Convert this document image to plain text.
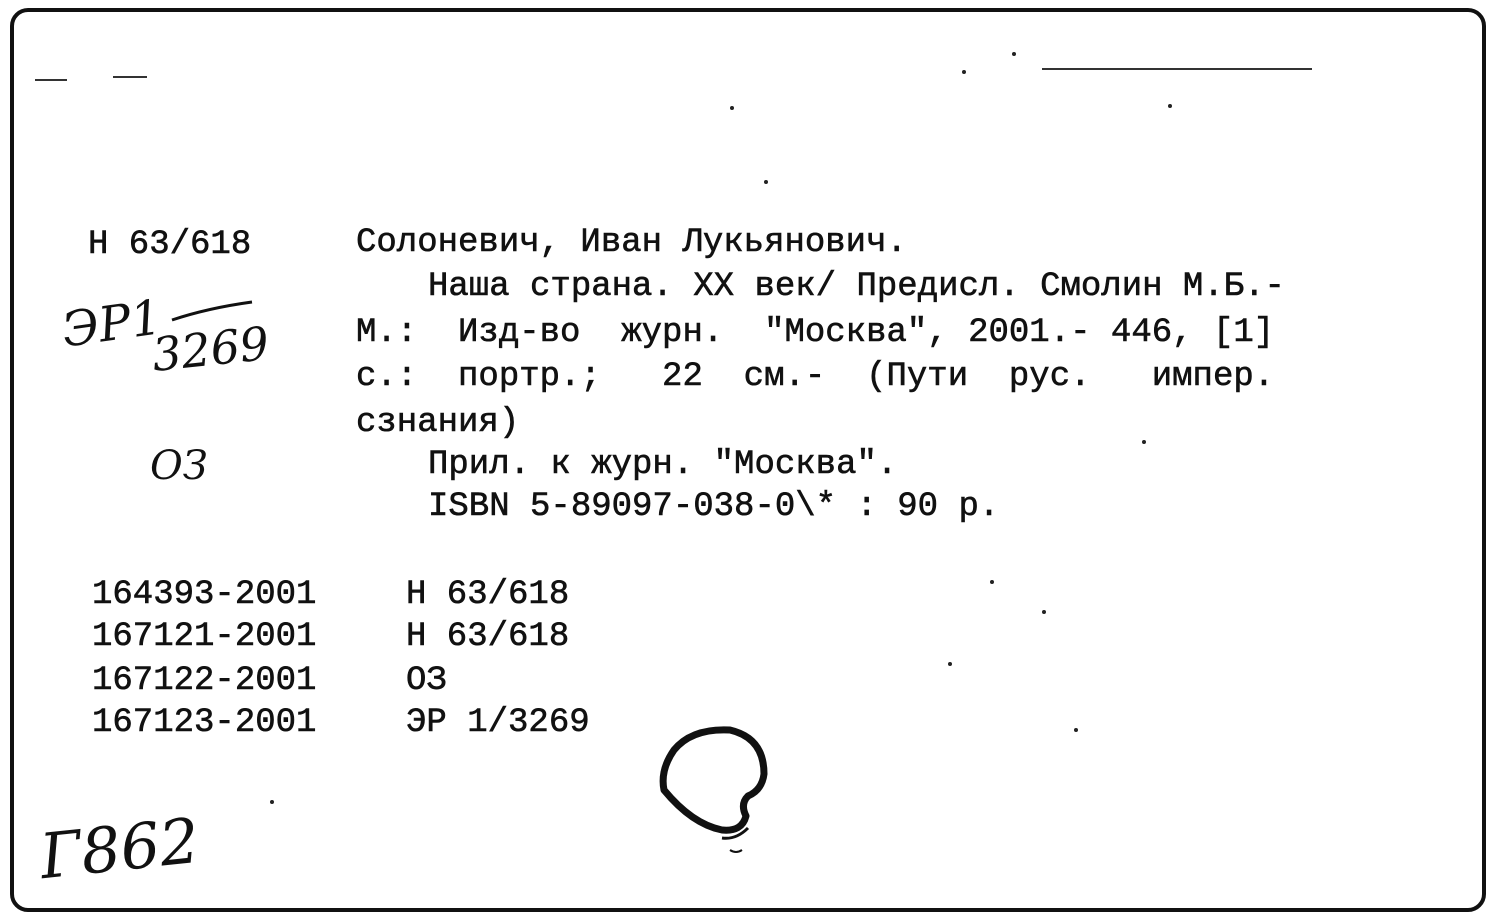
Н 63/618	Солоневич, Иван Лукьянович.
Наша страна. XX век/ Предисл. Смолин М.Б.-
М.:  Изд-во  журн.  "Москва", 2001.- 446, [1]
с.:  портр.;   22  см.-  (Пути  рус.   импер.
сзнания)
Прил. к журн. "Москва".
ISBN 5-89097-038-0\* : 90 р.
164393-2001	Н 63/618
167121-2001	Н 63/618
167122-2001	ОЗ
167123-2001	ЭР 1/3269
ЭР1
3269
ОЗ
Г862
